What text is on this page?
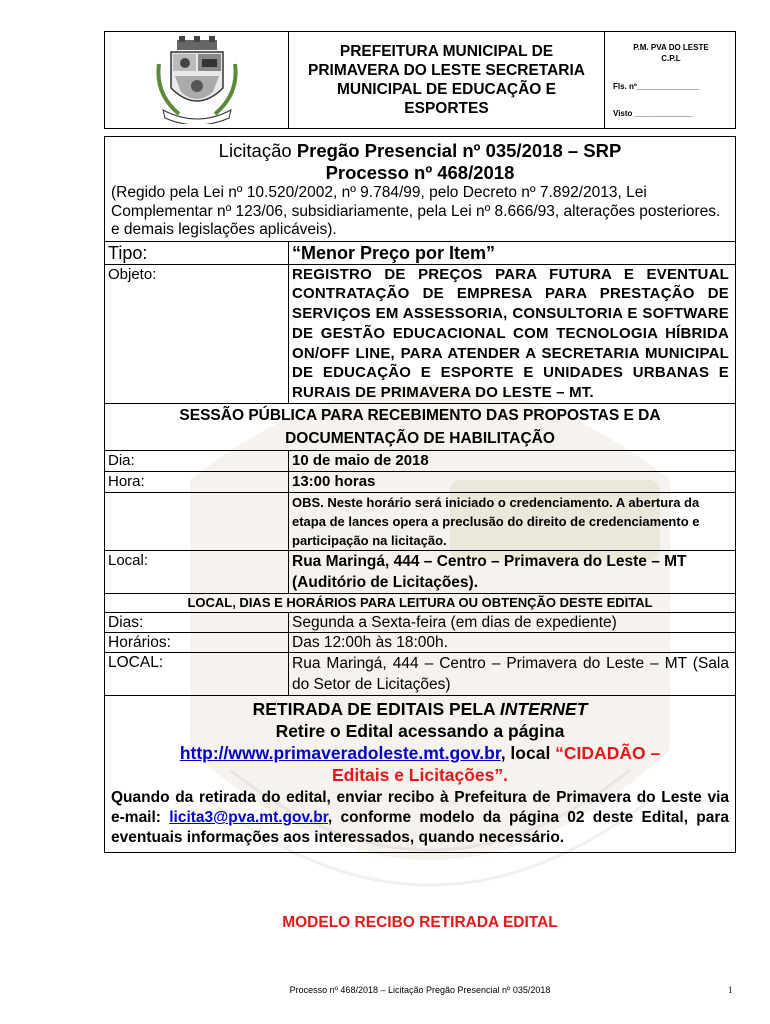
PREFEITURA MUNICIPAL DE PRIMAVERA DO LESTE SECRETARIA MUNICIPAL DE EDUCAÇÃO E ESPORTES
P.M. PVA DO LESTE
C.P.L
Fls. nº______________
Visto _____________
Licitação Pregão Presencial nº 035/2018 – SRP
Processo nº 468/2018
(Regido pela Lei nº 10.520/2002, nº 9.784/99, pelo Decreto nº 7.892/2013, Lei Complementar nº 123/06, subsidiariamente, pela Lei nº 8.666/93, alterações posteriores. e demais legislações aplicáveis).
Tipo:	“Menor Preço por Item”
Objeto:	REGISTRO DE PREÇOS PARA FUTURA E EVENTUAL CONTRATAÇÃO DE EMPRESA PARA PRESTAÇÃO DE SERVIÇOS EM ASSESSORIA, CONSULTORIA E SOFTWARE DE GESTÃO EDUCACIONAL COM TECNOLOGIA HÍBRIDA ON/OFF LINE, PARA ATENDER A SECRETARIA MUNICIPAL DE EDUCAÇÃO E ESPORTE E UNIDADES URBANAS E RURAIS DE PRIMAVERA DO LESTE – MT.
SESSÃO PÚBLICA PARA RECEBIMENTO DAS PROPOSTAS E DA DOCUMENTAÇÃO DE HABILITAÇÃO
Dia:	10 de maio de 2018
Hora:	13:00 horas
OBS. Neste horário será iniciado o credenciamento. A abertura da etapa de lances opera a preclusão do direito de credenciamento e participação na licitação.
Local:	Rua Maringá, 444 – Centro – Primavera do Leste – MT (Auditório de Licitações).
LOCAL, DIAS E HORÁRIOS PARA LEITURA OU OBTENÇÃO DESTE EDITAL
Dias:	Segunda a Sexta-feira (em dias de expediente)
Horários:	Das 12:00h às 18:00h.
LOCAL:	Rua Maringá, 444 – Centro – Primavera do Leste – MT (Sala do Setor de Licitações)
RETIRADA DE EDITAIS PELA INTERNET
Retire o Edital acessando a página
http://www.primaveradoleste.mt.gov.br, local “CIDADÃO –
Editais e Licitações”.
Quando da retirada do edital, enviar recibo à Prefeitura de Primavera do Leste via e-mail: licita3@pva.mt.gov.br, conforme modelo da página 02 deste Edital, para eventuais informações aos interessados, quando necessário.
MODELO RECIBO RETIRADA EDITAL
Processo nº 468/2018 – Licitação Pregão Presencial nº 035/2018	1
